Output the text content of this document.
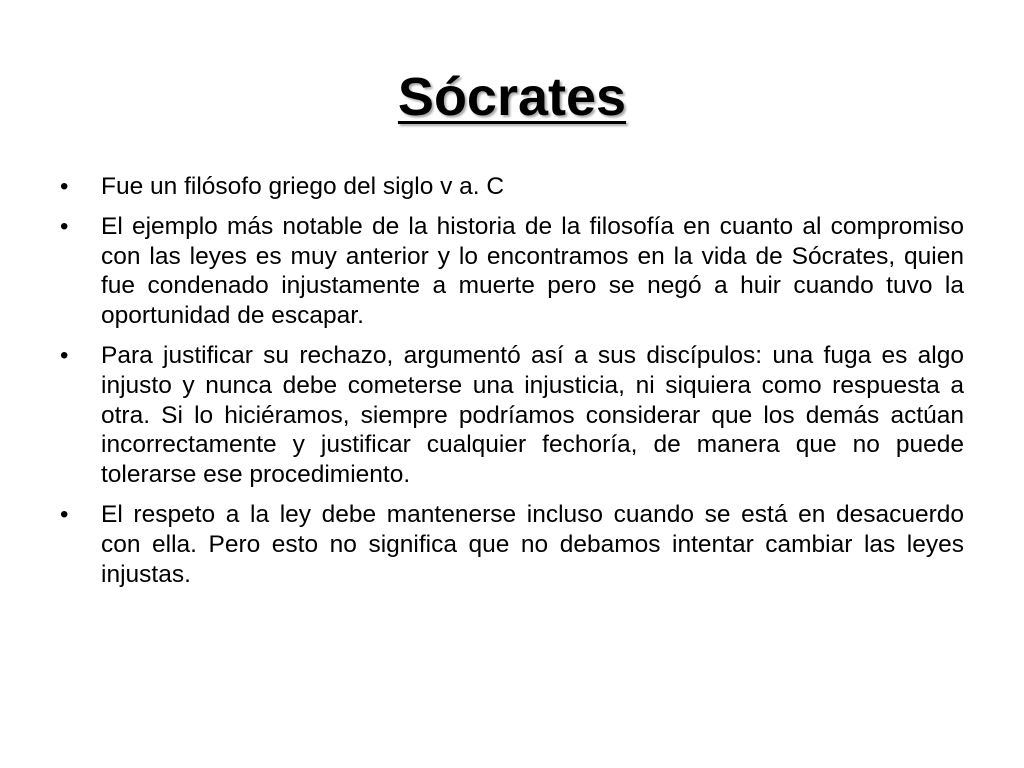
Sócrates
•	Fue un filósofo griego del siglo v a. C
•	El ejemplo más notable de la historia de la filosofía en cuanto al compromiso con las leyes es muy anterior y lo encontramos en la vida de Sócrates, quien fue condenado injustamente a muerte pero se negó a huir cuando tuvo la oportunidad de escapar.
•	Para justificar su rechazo, argumentó así a sus discípulos: una fuga es algo injusto y nunca debe cometerse una injusticia, ni siquiera como respuesta a otra. Si lo hiciéramos, siempre podríamos considerar que los demás actúan incorrectamente y justificar cualquier fechoría, de manera que no puede tolerarse ese procedimiento.
•	El respeto a la ley debe mantenerse incluso cuando se está en desacuerdo con ella. Pero esto no significa que no debamos intentar cambiar las leyes injustas.
